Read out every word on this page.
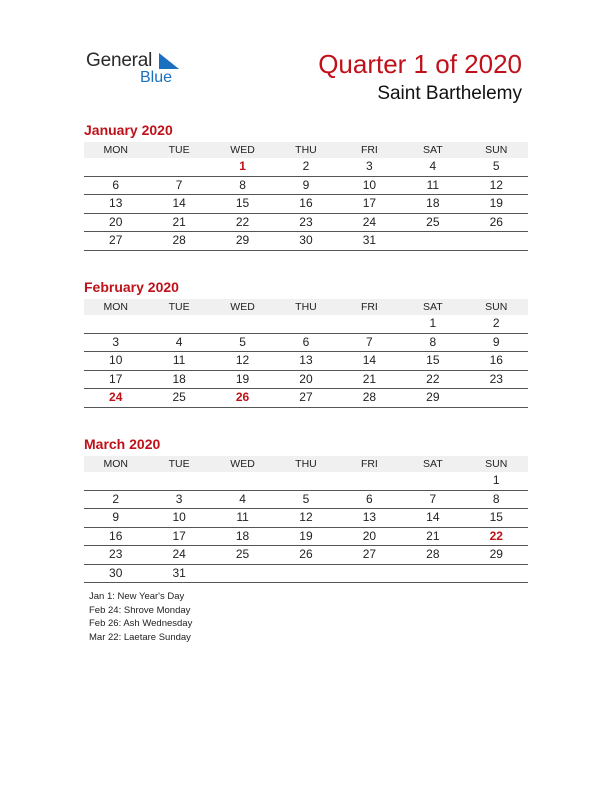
General
Blue	Quarter 1 of 2020
Saint Barthelemy
January 2020
MON	TUE	WED	THU	FRI	SAT	SUN
		1	2	3	4	5
6	7	8	9	10	11	12
13	14	15	16	17	18	19
20	21	22	23	24	25	26
27	28	29	30	31		
February 2020
MON	TUE	WED	THU	FRI	SAT	SUN
					1	2
3	4	5	6	7	8	9
10	11	12	13	14	15	16
17	18	19	20	21	22	23
24	25	26	27	28	29	
March 2020
MON	TUE	WED	THU	FRI	SAT	SUN
						1
2	3	4	5	6	7	8
9	10	11	12	13	14	15
16	17	18	19	20	21	22
23	24	25	26	27	28	29
30	31					
Jan 1: New Year's Day
Feb 24: Shrove Monday
Feb 26: Ash Wednesday
Mar 22: Laetare Sunday
